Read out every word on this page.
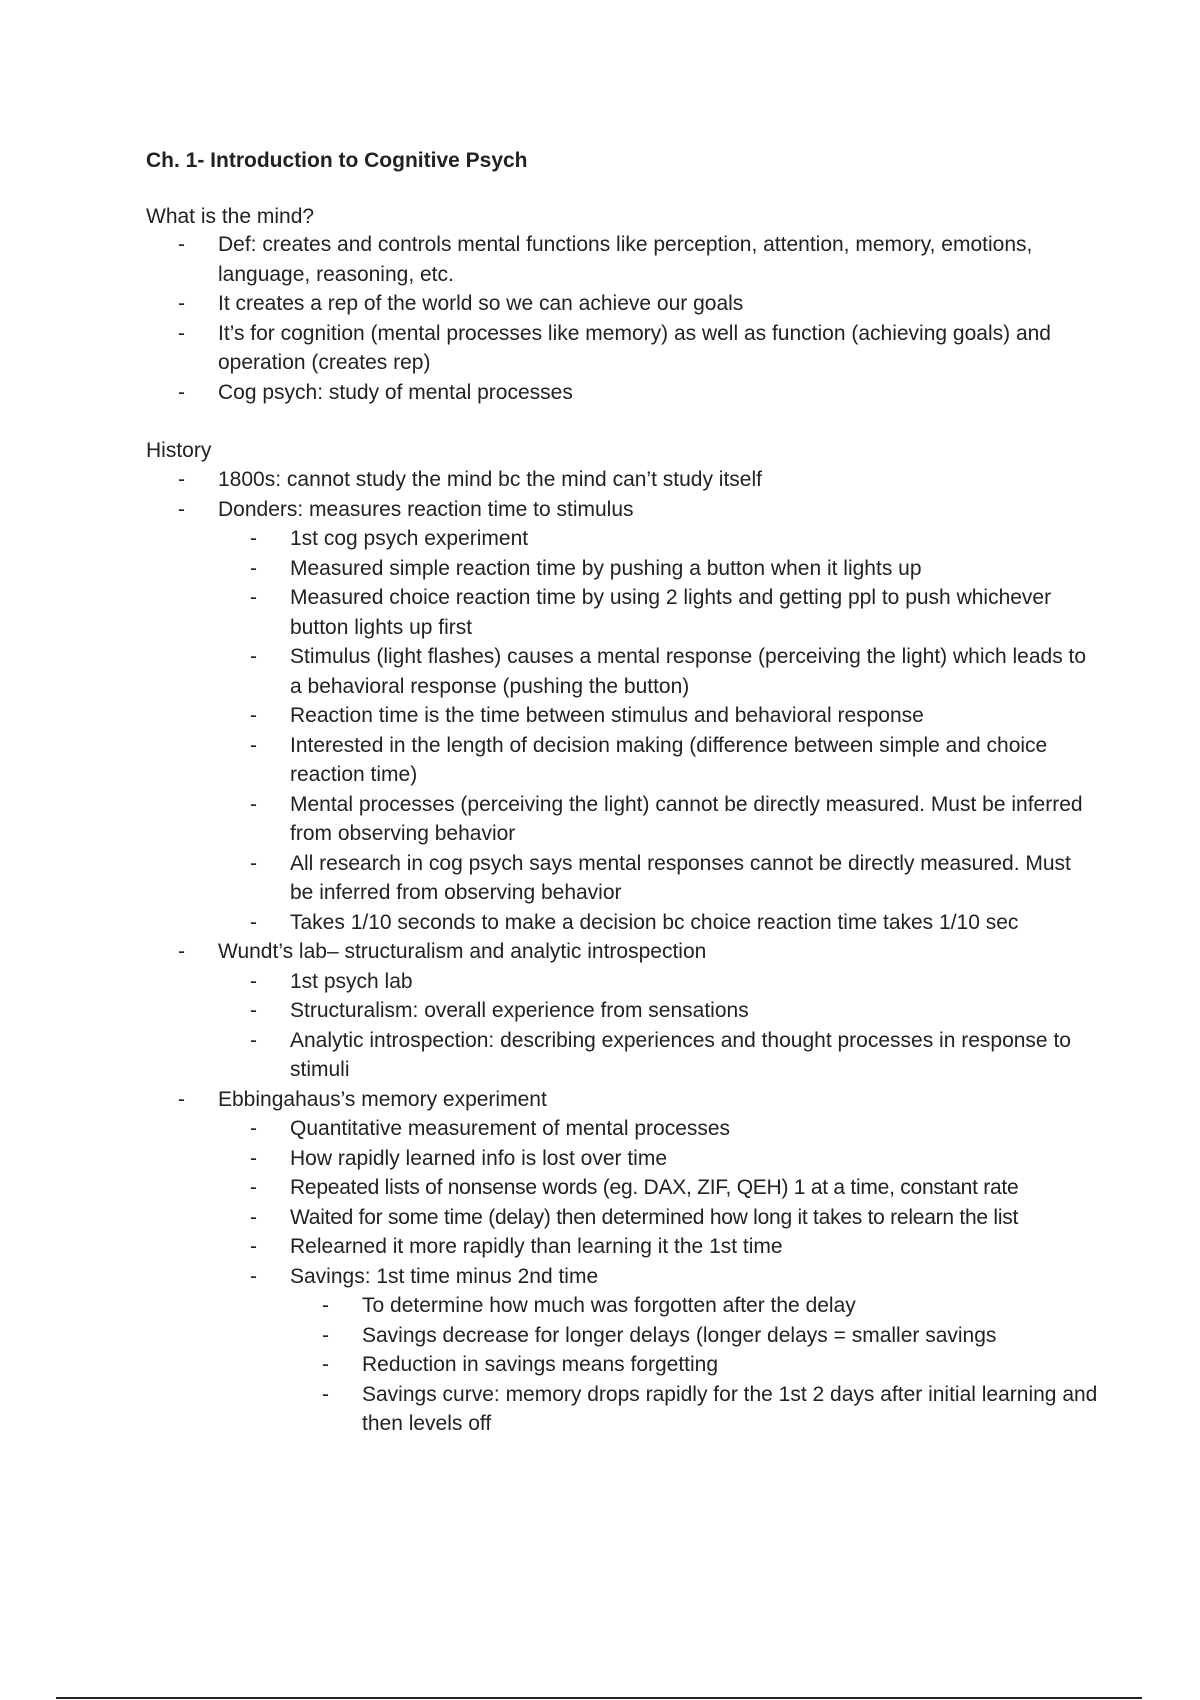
Ch. 1- Introduction to Cognitive Psych

What is the mind?

-	Def: creates and controls mental functions like perception, attention, memory, emotions, language, reasoning, etc.
-	It creates a rep of the world so we can achieve our goals
-	It’s for cognition (mental processes like memory) as well as function (achieving goals) and operation (creates rep)
-	Cog psych: study of mental processes

History

-	1800s: cannot study the mind bc the mind can’t study itself
-	Donders: measures reaction time to stimulus
-	1st cog psych experiment
-	Measured simple reaction time by pushing a button when it lights up
-	Measured choice reaction time by using 2 lights and getting ppl to push whichever button lights up first
-	Stimulus (light flashes) causes a mental response (perceiving the light) which leads to a behavioral response (pushing the button)
-	Reaction time is the time between stimulus and behavioral response
-	Interested in the length of decision making (difference between simple and choice reaction time)
-	Mental processes (perceiving the light) cannot be directly measured. Must be inferred from observing behavior
-	All research in cog psych says mental responses cannot be directly measured. Must be inferred from observing behavior
-	Takes 1/10 seconds to make a decision bc choice reaction time takes 1/10 sec
-	Wundt’s lab– structuralism and analytic introspection
-	1st psych lab
-	Structuralism: overall experience from sensations
-	Analytic introspection: describing experiences and thought processes in response to stimuli
-	Ebbingahaus’s memory experiment
-	Quantitative measurement of mental processes
-	How rapidly learned info is lost over time
-	Repeated lists of nonsense words (eg. DAX, ZIF, QEH) 1 at a time, constant rate
-	Waited for some time (delay) then determined how long it takes to relearn the list
-	Relearned it more rapidly than learning it the 1st time
-	Savings: 1st time minus 2nd time
-	To determine how much was forgotten after the delay
-	Savings decrease for longer delays (longer delays = smaller savings
-	Reduction in savings means forgetting
-	Savings curve: memory drops rapidly for the 1st 2 days after initial learning and then levels off
